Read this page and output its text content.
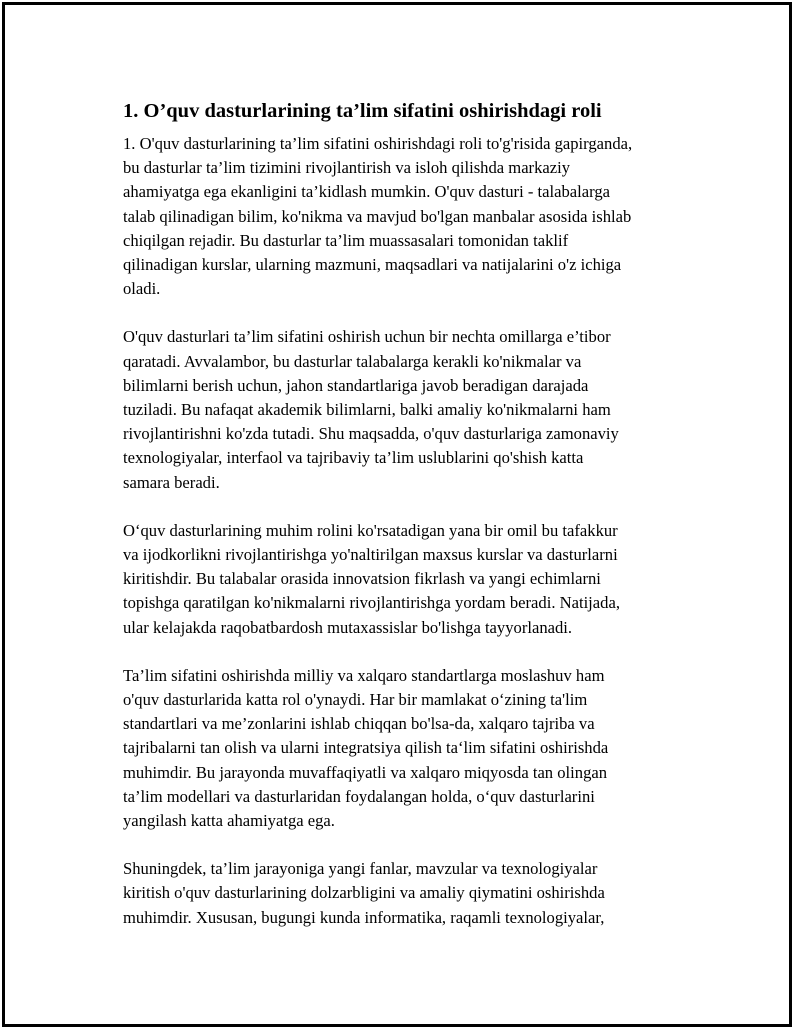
1. O’quv dasturlarining ta’lim sifatini oshirishdagi roli
1. O'quv dasturlarining ta’lim sifatini oshirishdagi roli to'g'risida gapirganda,
bu dasturlar ta’lim tizimini rivojlantirish va isloh qilishda markaziy
ahamiyatga ega ekanligini ta’kidlash mumkin. O'quv dasturi - talabalarga
talab qilinadigan bilim, ko'nikma va mavjud bo'lgan manbalar asosida ishlab
chiqilgan rejadir. Bu dasturlar ta’lim muassasalari tomonidan taklif
qilinadigan kurslar, ularning mazmuni, maqsadlari va natijalarini o'z ichiga
oladi.
O'quv dasturlari ta’lim sifatini oshirish uchun bir nechta omillarga e’tibor
qaratadi. Avvalambor, bu dasturlar talabalarga kerakli ko'nikmalar va
bilimlarni berish uchun, jahon standartlariga javob beradigan darajada
tuziladi. Bu nafaqat akademik bilimlarni, balki amaliy ko'nikmalarni ham
rivojlantirishni ko'zda tutadi. Shu maqsadda, o'quv dasturlariga zamonaviy
texnologiyalar, interfaol va tajribaviy ta’lim uslublarini qo'shish katta
samara beradi.
O‘quv dasturlarining muhim rolini ko'rsatadigan yana bir omil bu tafakkur
va ijodkorlikni rivojlantirishga yo'naltirilgan maxsus kurslar va dasturlarni
kiritishdir. Bu talabalar orasida innovatsion fikrlash va yangi echimlarni
topishga qaratilgan ko'nikmalarni rivojlantirishga yordam beradi. Natijada,
ular kelajakda raqobatbardosh mutaxassislar bo'lishga tayyorlanadi.
Ta’lim sifatini oshirishda milliy va xalqaro standartlarga moslashuv ham
o'quv dasturlarida katta rol o'ynaydi. Har bir mamlakat o‘zining ta'lim
standartlari va me’zonlarini ishlab chiqqan bo'lsa-da, xalqaro tajriba va
tajribalarni tan olish va ularni integratsiya qilish ta‘lim sifatini oshirishda
muhimdir. Bu jarayonda muvaffaqiyatli va xalqaro miqyosda tan olingan
ta’lim modellari va dasturlaridan foydalangan holda, o‘quv dasturlarini
yangilash katta ahamiyatga ega.
Shuningdek, ta’lim jarayoniga yangi fanlar, mavzular va texnologiyalar
kiritish o'quv dasturlarining dolzarbligini va amaliy qiymatini oshirishda
muhimdir. Xususan, bugungi kunda informatika, raqamli texnologiyalar,
